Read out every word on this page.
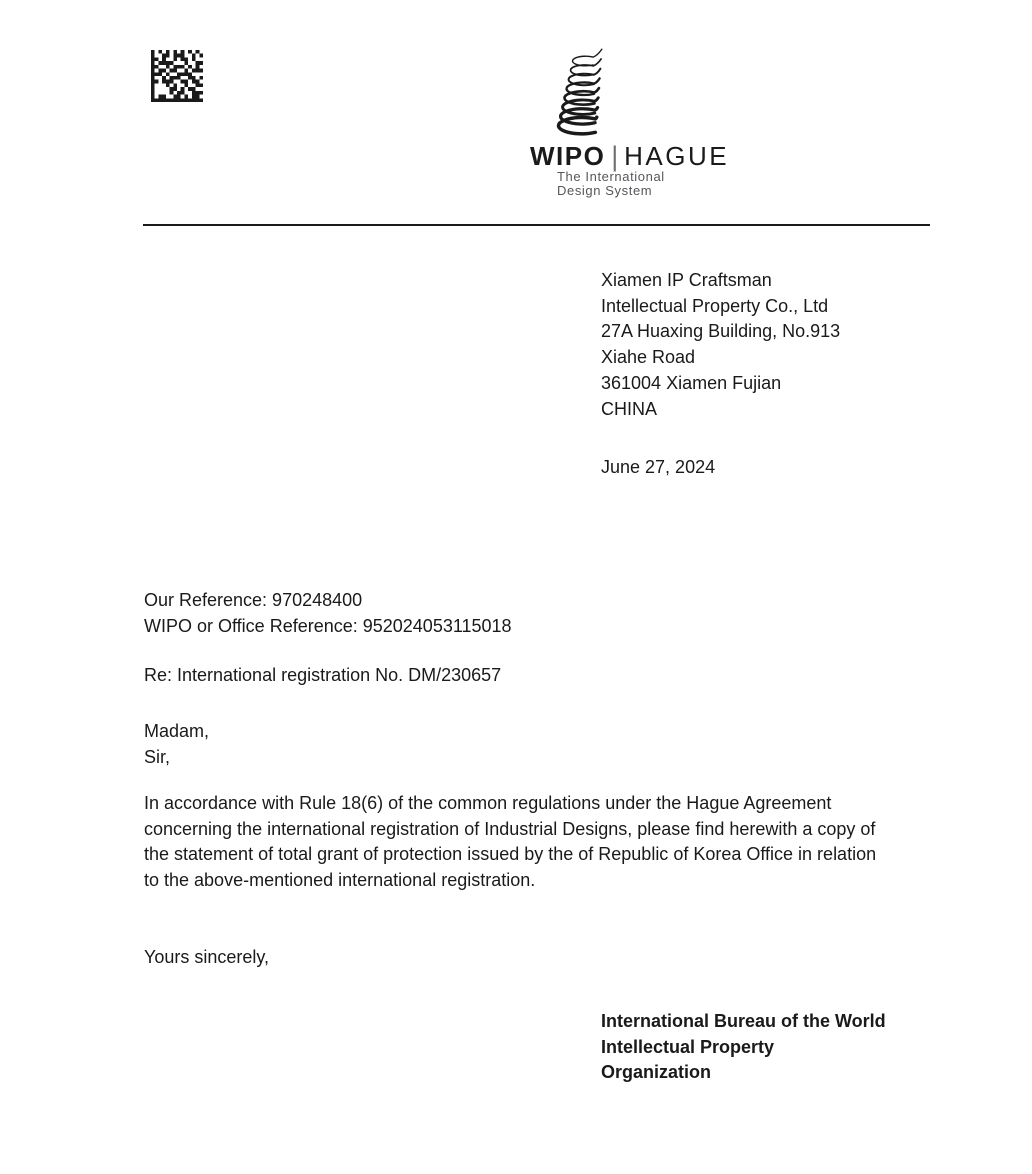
WIPO | HAGUE
The International
Design System
Xiamen IP Craftsman
Intellectual Property Co., Ltd
27A Huaxing Building, No.913
Xiahe Road
361004 Xiamen Fujian
CHINA
June 27, 2024
Our Reference: 970248400
WIPO or Office Reference: 952024053115018
Re: International registration No. DM/230657
Madam,
Sir,
In accordance with Rule 18(6) of the common regulations under the Hague Agreement
concerning the international registration of Industrial Designs, please find herewith a copy of
the statement of total grant of protection issued by the of Republic of Korea Office in relation
to the above-mentioned international registration.
Yours sincerely,
International Bureau of the World
Intellectual Property
Organization
